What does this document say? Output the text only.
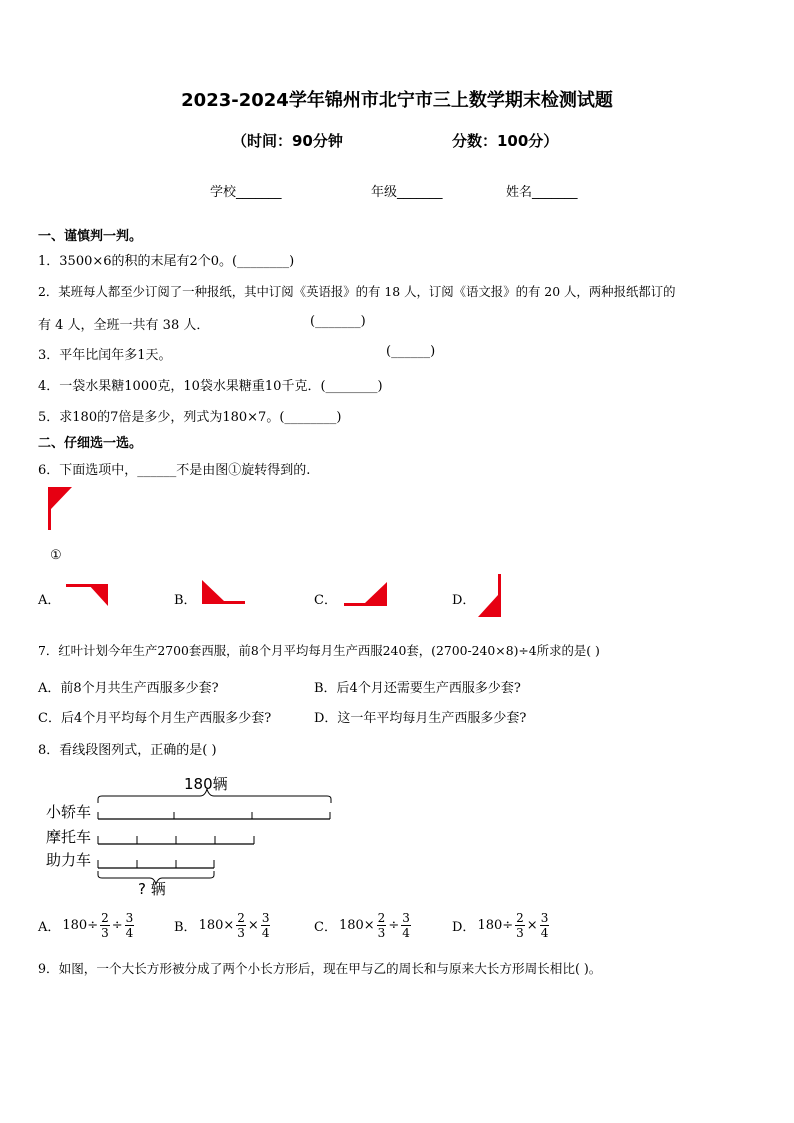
2023-2024学年锦州市北宁市三上数学期末检测试题
（时间：90分钟	分数：100分）
学校_______	年级_______	姓名_______
一、谨慎判一判。
1．3500×6的积的末尾有2个0。(________)
2．某班每人都至少订阅了一种报纸，其中订阅《英语报》的有 18 人，订阅《语文报》的有 20 人，两种报纸都订的
有 4 人，全班一共有 38 人．	(_______)
3．平年比闰年多1天。	(______)
4．一袋水果糖1000克，10袋水果糖重10千克．(________)
5．求180的7倍是多少，列式为180×7。(________)
二、仔细选一选。
6．下面选项中，______不是由图①旋转得到的.
①
A．	B．	C．	D．
7．红叶计划今年生产2700套西服，前8个月平均每月生产西服240套，(2700-240×8)÷4所求的是( )
A．前8个月共生产西服多少套?	B．后4个月还需要生产西服多少套?
C．后4个月平均每个月生产西服多少套?	D．这一年平均每月生产西服多少套?
8．看线段图列式，正确的是( )
180辆
小轿车
摩托车
助力车
? 辆
A． $180\div \frac{2}{3} \div \frac{3}{4}$	B． $180\times \frac{2}{3} \times \frac{3}{4}$	C． $180\times \frac{2}{3} \div \frac{3}{4}$	D． $180\div \frac{2}{3} \times \frac{3}{4}$
9．如图，一个大长方形被分成了两个小长方形后，现在甲与乙的周长和与原来大长方形周长相比( )。
